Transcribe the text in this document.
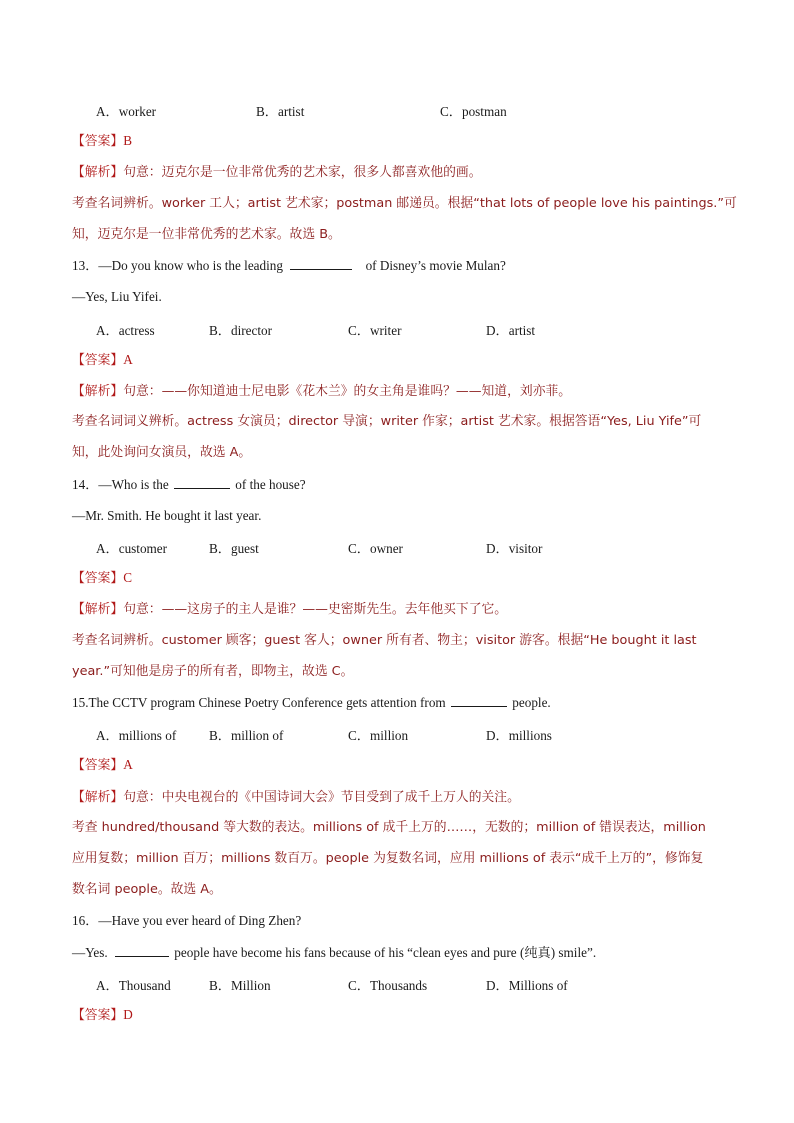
A．worker	B．artist	C．postman
【答案】B
【解析】句意：迈克尔是一位非常优秀的艺术家，很多人都喜欢他的画。
考查名词辨析。worker 工人；artist 艺术家；postman 邮递员。根据“that lots of people love his paintings.”可
知，迈克尔是一位非常优秀的艺术家。故选 B。
13．—Do you know who is the leading	of Disney’s movie Mulan?
—Yes, Liu Yifei.
A．actress	B．director	C．writer	D．artist
【答案】A
【解析】句意：——你知道迪士尼电影《花木兰》的女主角是谁吗？——知道，刘亦菲。
考查名词词义辨析。actress 女演员；director 导演；writer 作家；artist 艺术家。根据答语“Yes, Liu Yife”可
知，此处询问女演员，故选 A。
14．—Who is the	of the house?
—Mr. Smith. He bought it last year.
A．customer	B．guest	C．owner	D．visitor
【答案】C
【解析】句意：——这房子的主人是谁？——史密斯先生。去年他买下了它。
考查名词辨析。customer 顾客；guest 客人；owner 所有者、物主；visitor 游客。根据“He bought it last
year.”可知他是房子的所有者，即物主，故选 C。
15.The CCTV program Chinese Poetry Conference gets attention from	people.
A．millions of B．million of	C．million	D．millions
【答案】A
【解析】句意：中央电视台的《中国诗词大会》节目受到了成千上万人的关注。
考查 hundred/thousand 等大数的表达。millions of 成千上万的……，无数的；million of 错误表达，million
应用复数；million 百万；millions 数百万。people 为复数名词，应用 millions of 表示“成千上万的”，修饰复
数名词 people。故选 A。
16．—Have you ever heard of Ding Zhen?
—Yes.	people have become his fans because of his “clean eyes and pure (纯真) smile”.
A．Thousand	B．Million	C．Thousands	D．Millions of
【答案】D
